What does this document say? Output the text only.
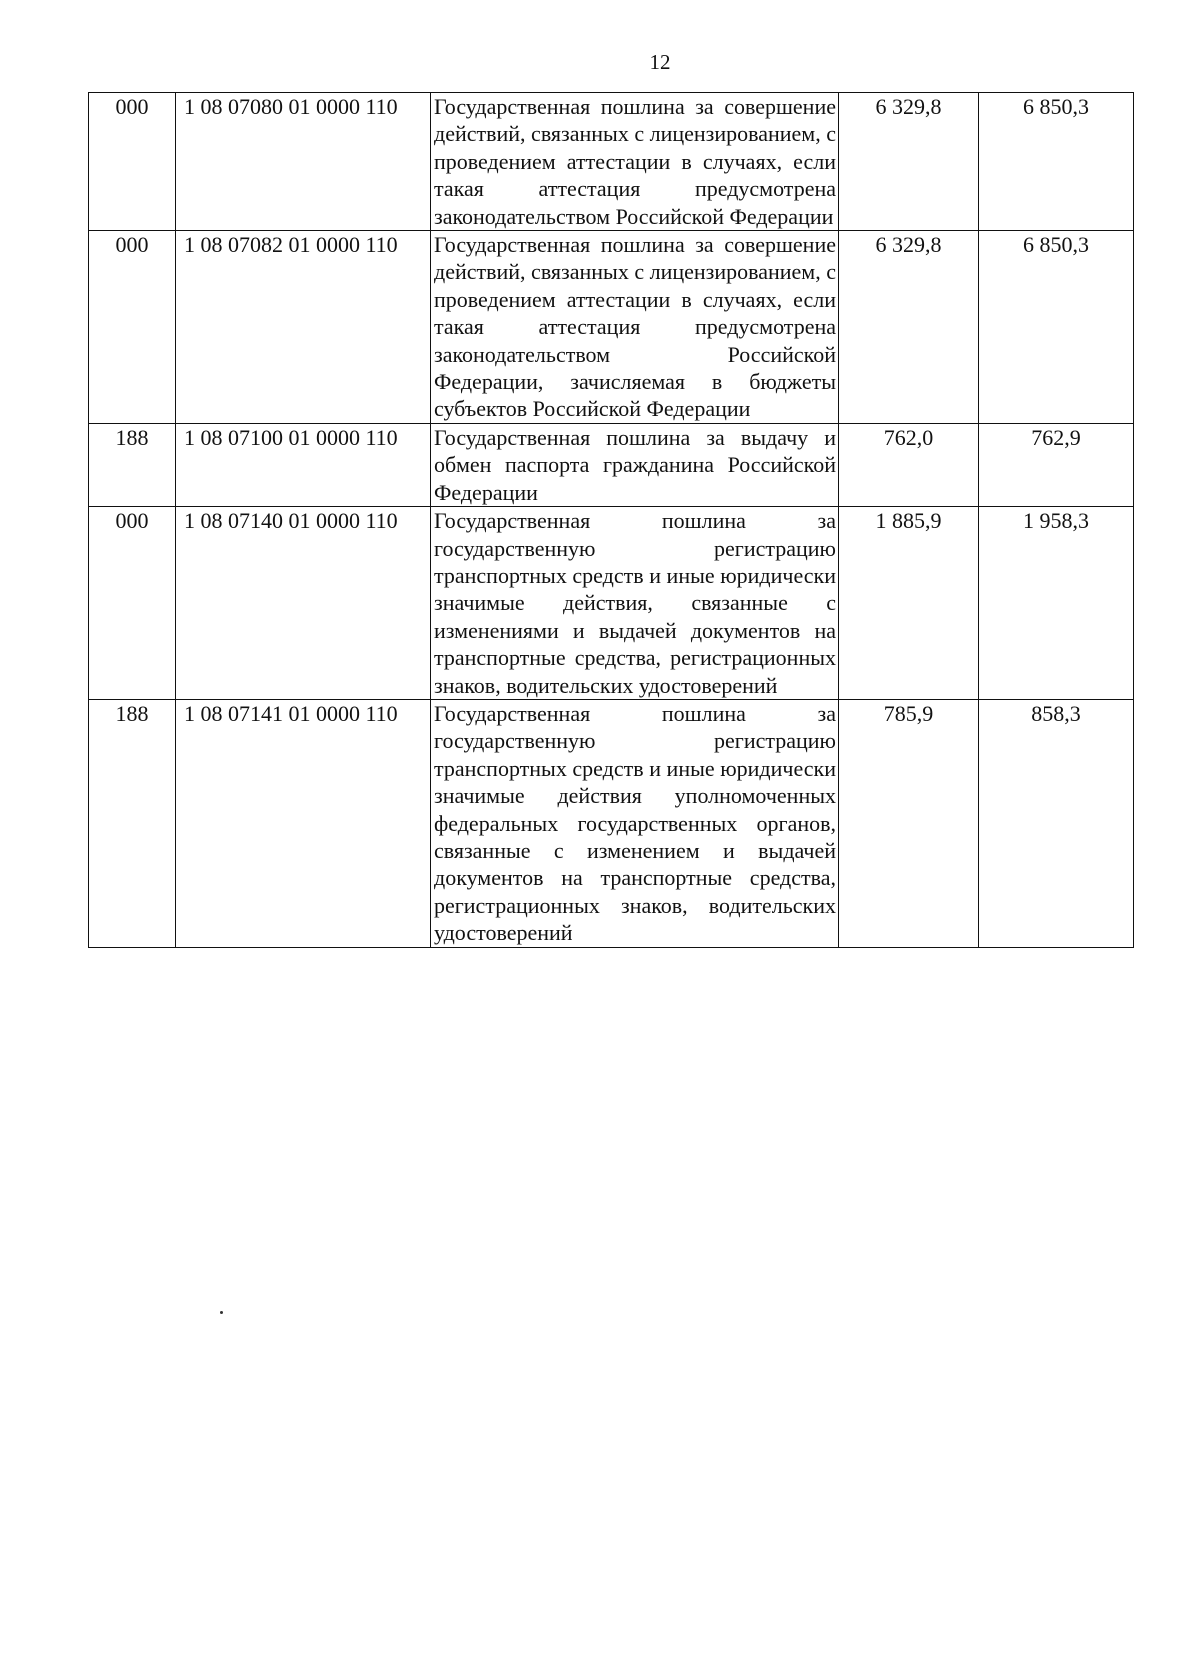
12
000	1 08 07080 01 0000 110	Государственная пошлина за совершение действий, связанных с лицензированием, с проведением аттестации в случаях, если такая аттестация предусмотрена законодательством Российской Федерации	6 329,8	6 850,3
000	1 08 07082 01 0000 110	Государственная пошлина за совершение действий, связанных с лицензированием, с проведением аттестации в случаях, если такая аттестация предусмотрена законодательством Российской Федерации, зачисляемая в бюджеты субъектов Российской Федерации	6 329,8	6 850,3
188	1 08 07100 01 0000 110	Государственная пошлина за выдачу и обмен паспорта гражданина Российской Федерации	762,0	762,9
000	1 08 07140 01 0000 110	Государственная пошлина за государственную регистрацию транспортных средств и иные юридически значимые действия, связанные с изменениями и выдачей документов на транспортные средства, регистрационных знаков, водительских удостоверений	1 885,9	1 958,3
188	1 08 07141 01 0000 110	Государственная пошлина за государственную регистрацию транспортных средств и иные юридически значимые действия уполномоченных федеральных государственных органов, связанные с изменением и выдачей документов на транспортные средства, регистрационных знаков, водительских удостоверений	785,9	858,3
